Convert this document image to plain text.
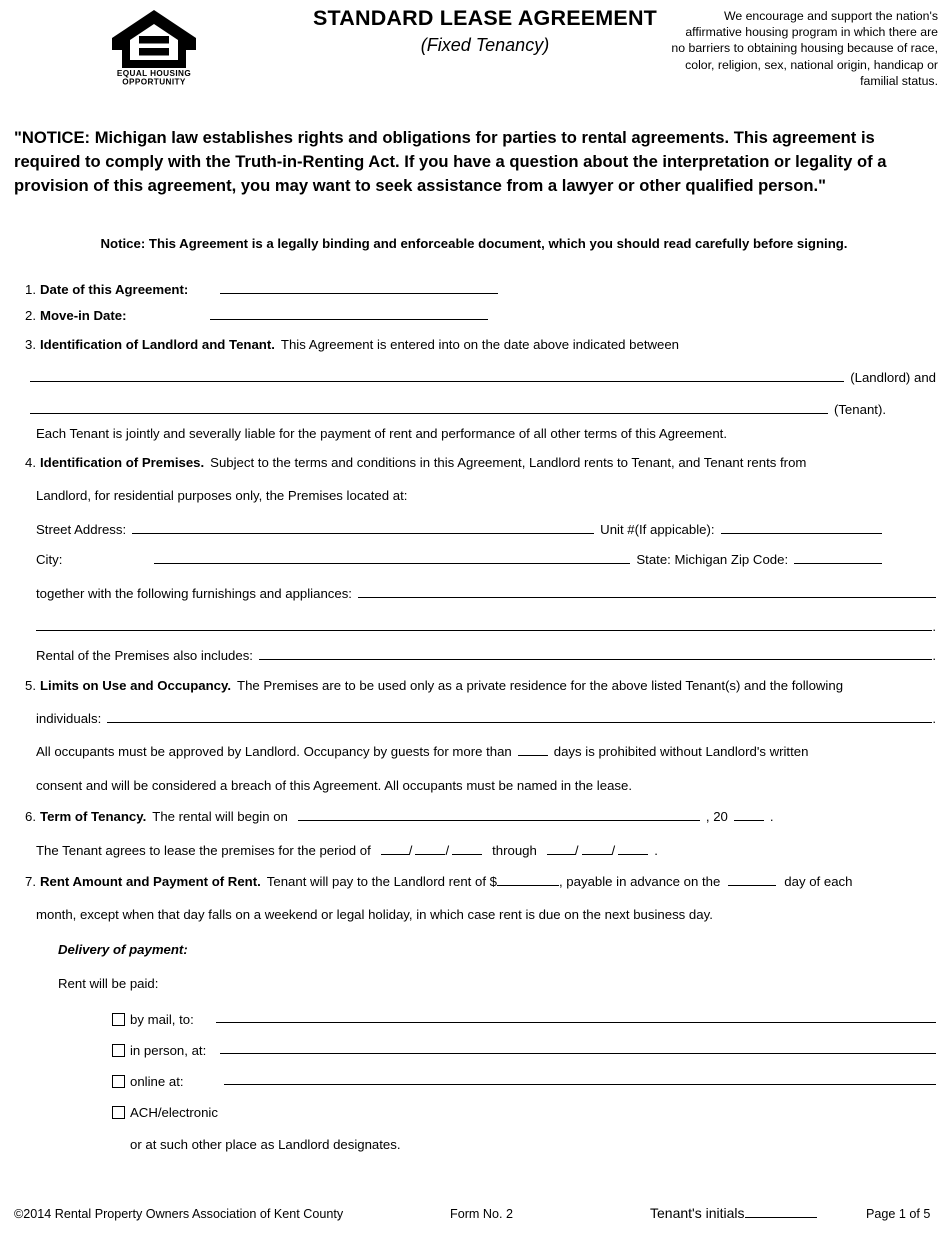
EQUAL HOUSING
OPPORTUNITY
STANDARD LEASE AGREEMENT
(Fixed Tenancy)
We encourage and support the nation's affirmative housing program in which there are no barriers to obtaining housing because of race, color, religion, sex, national origin, handicap or familial status.
"NOTICE: Michigan law establishes rights and obligations for parties to rental agreements. This agreement is required to comply with the Truth-in-Renting Act. If you have a question about the interpretation or legality of a provision of this agreement, you may want to seek assistance from a lawyer or other qualified person."
Notice: This Agreement is a legally binding and enforceable document, which you should read carefully before signing.
1. Date of this Agreement:
2. Move-in Date:
3. Identification of Landlord and Tenant. This Agreement is entered into on the date above indicated between
(Landlord) and
(Tenant).
Each Tenant is jointly and severally liable for the payment of rent and performance of all other terms of this Agreement.
4. Identification of Premises. Subject to the terms and conditions in this Agreement, Landlord rents to Tenant, and Tenant rents from
Landlord, for residential purposes only, the Premises located at:
Street Address:	Unit #(If appicable):
City:	State: Michigan Zip Code:
together with the following furnishings and appliances:
.
Rental of the Premises also includes:	.
5. Limits on Use and Occupancy. The Premises are to be used only as a private residence for the above listed Tenant(s) and the following
individuals:	.
All occupants must be approved by Landlord. Occupancy by guests for more than	days is prohibited without Landlord's written
consent and will be considered a breach of this Agreement. All occupants must be named in the lease.
6. Term of Tenancy. The rental will begin on	, 20	.
The Tenant agrees to lease the premises for the period of	/	/	through	/	/	.
7. Rent Amount and Payment of Rent. Tenant will pay to the Landlord rent of $	, payable in advance on the	day of each
month, except when that day falls on a weekend or legal holiday, in which case rent is due on the next business day.
Delivery of payment:
Rent will be paid:
by mail, to:
in person, at:
online at:
ACH/electronic
or at such other place as Landlord designates.
©2014 Rental Property Owners Association of Kent County	Form No. 2	Tenant's initials	Page 1 of 5
